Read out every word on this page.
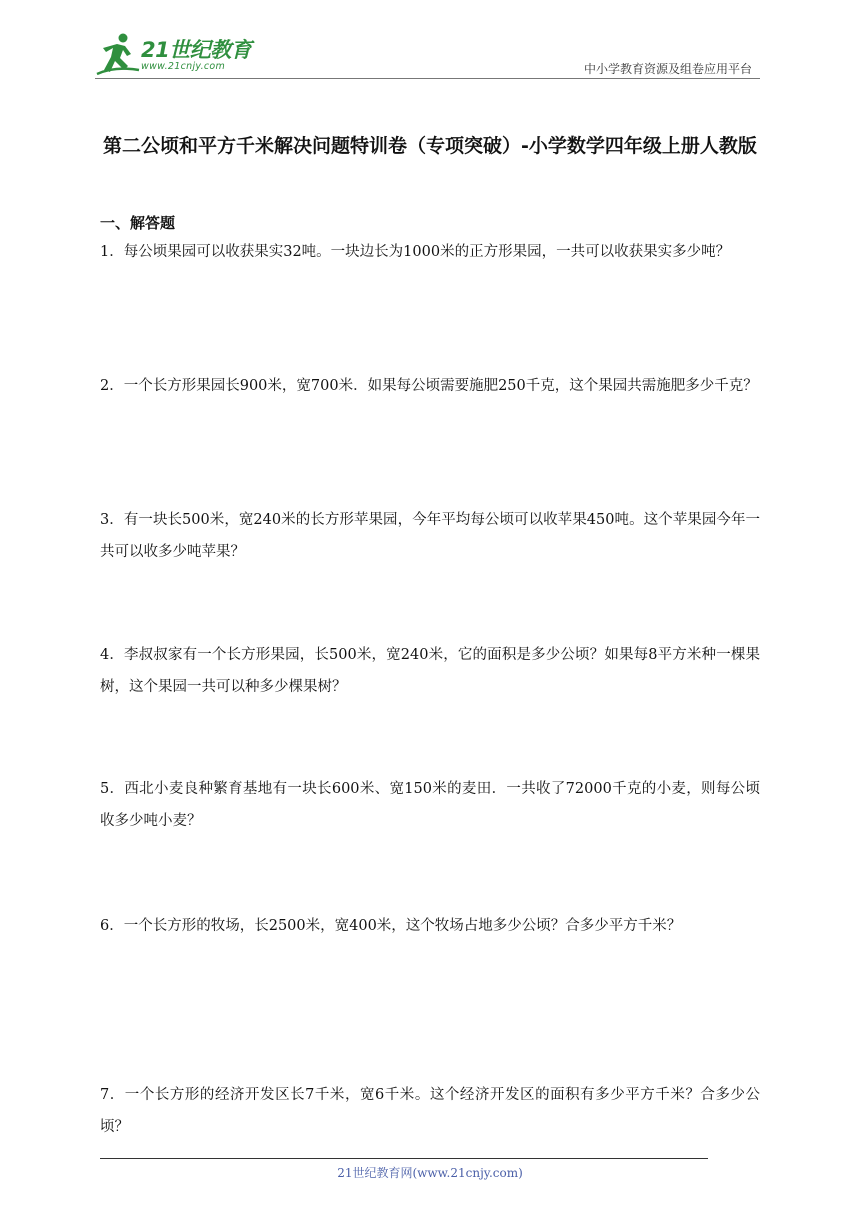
21世纪教育
www.21cnjy.com	中小学教育资源及组卷应用平台
第二公顷和平方千米解决问题特训卷（专项突破）-小学数学四年级上册人教版
一、解答题
1．每公顷果园可以收获果实32吨。一块边长为1000米的正方形果园，一共可以收获果实多少吨？
2．一个长方形果园长900米，宽700米．如果每公顷需要施肥250千克，这个果园共需施肥多少千克？
3．有一块长500米，宽240米的长方形苹果园，今年平均每公顷可以收苹果450吨。这个苹果园今年一共可以收多少吨苹果？
4．李叔叔家有一个长方形果园，长500米，宽240米，它的面积是多少公顷？如果每8平方米种一棵果树，这个果园一共可以种多少棵果树？
5．西北小麦良种繁育基地有一块长600米、宽150米的麦田．一共收了72000千克的小麦，则每公顷收多少吨小麦？
6．一个长方形的牧场，长2500米，宽400米，这个牧场占地多少公顷？合多少平方千米？
7．一个长方形的经济开发区长7千米，宽6千米。这个经济开发区的面积有多少平方千米？合多少公顷？
21世纪教育网(www.21cnjy.com)
